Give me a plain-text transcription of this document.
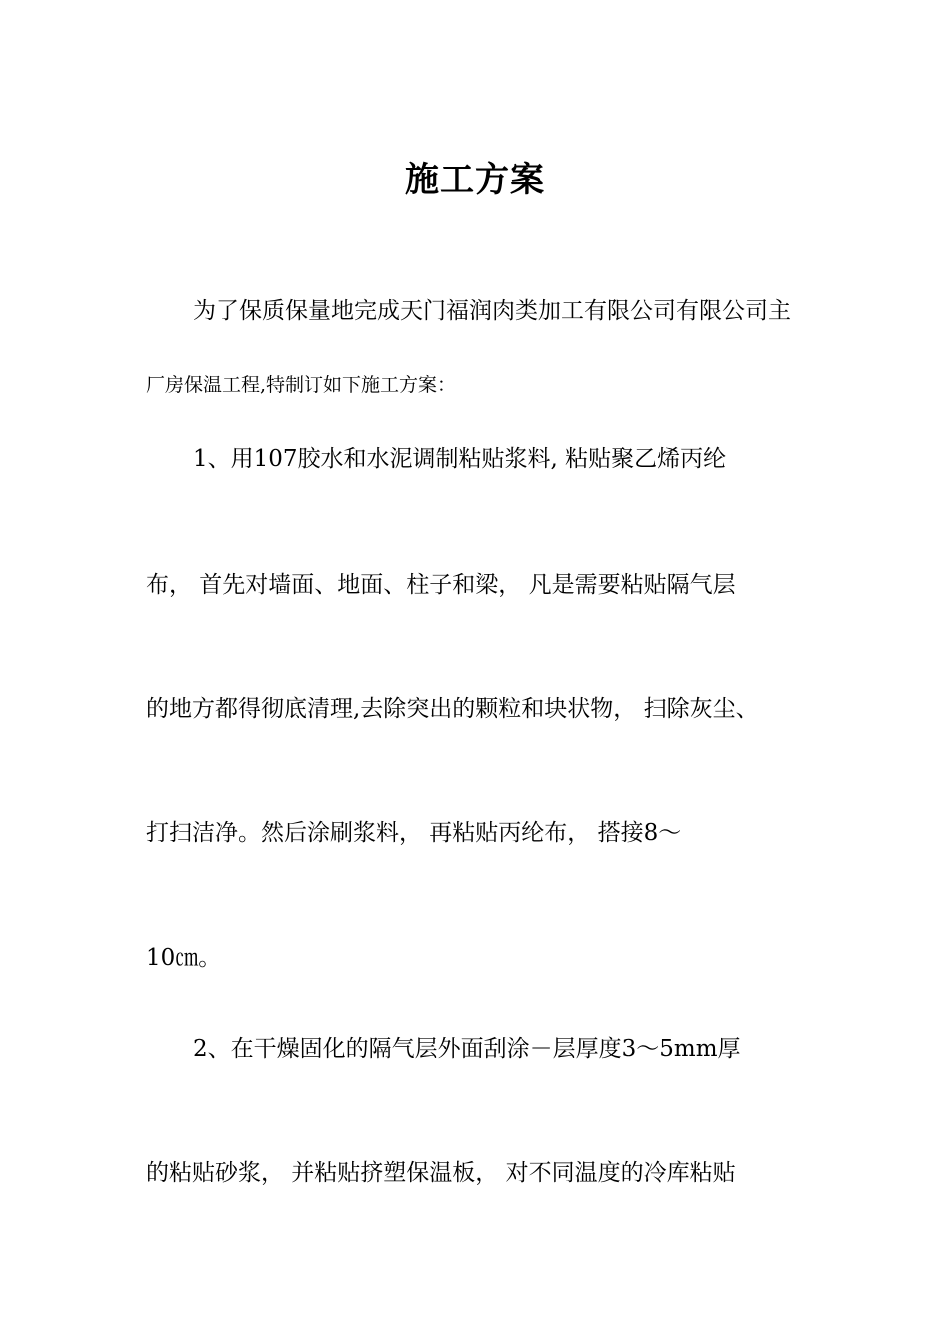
施工方案
为了保质保量地完成天门福润肉类加工有限公司有限公司主
厂房保温工程,特制订如下施工方案：
1、用107胶水和水泥调制粘贴浆料, 粘贴聚乙烯丙纶
布， 首先对墙面、地面、柱子和梁， 凡是需要粘贴隔气层
的地方都得彻底清理,去除突出的颗粒和块状物， 扫除灰尘、
打扫洁净。然后涂刷浆料， 再粘贴丙纶布， 搭接8～
10㎝。
2、在干燥固化的隔气层外面刮涂－层厚度3～5mm厚
的粘贴砂浆， 并粘贴挤塑保温板， 对不同温度的冷库粘贴
